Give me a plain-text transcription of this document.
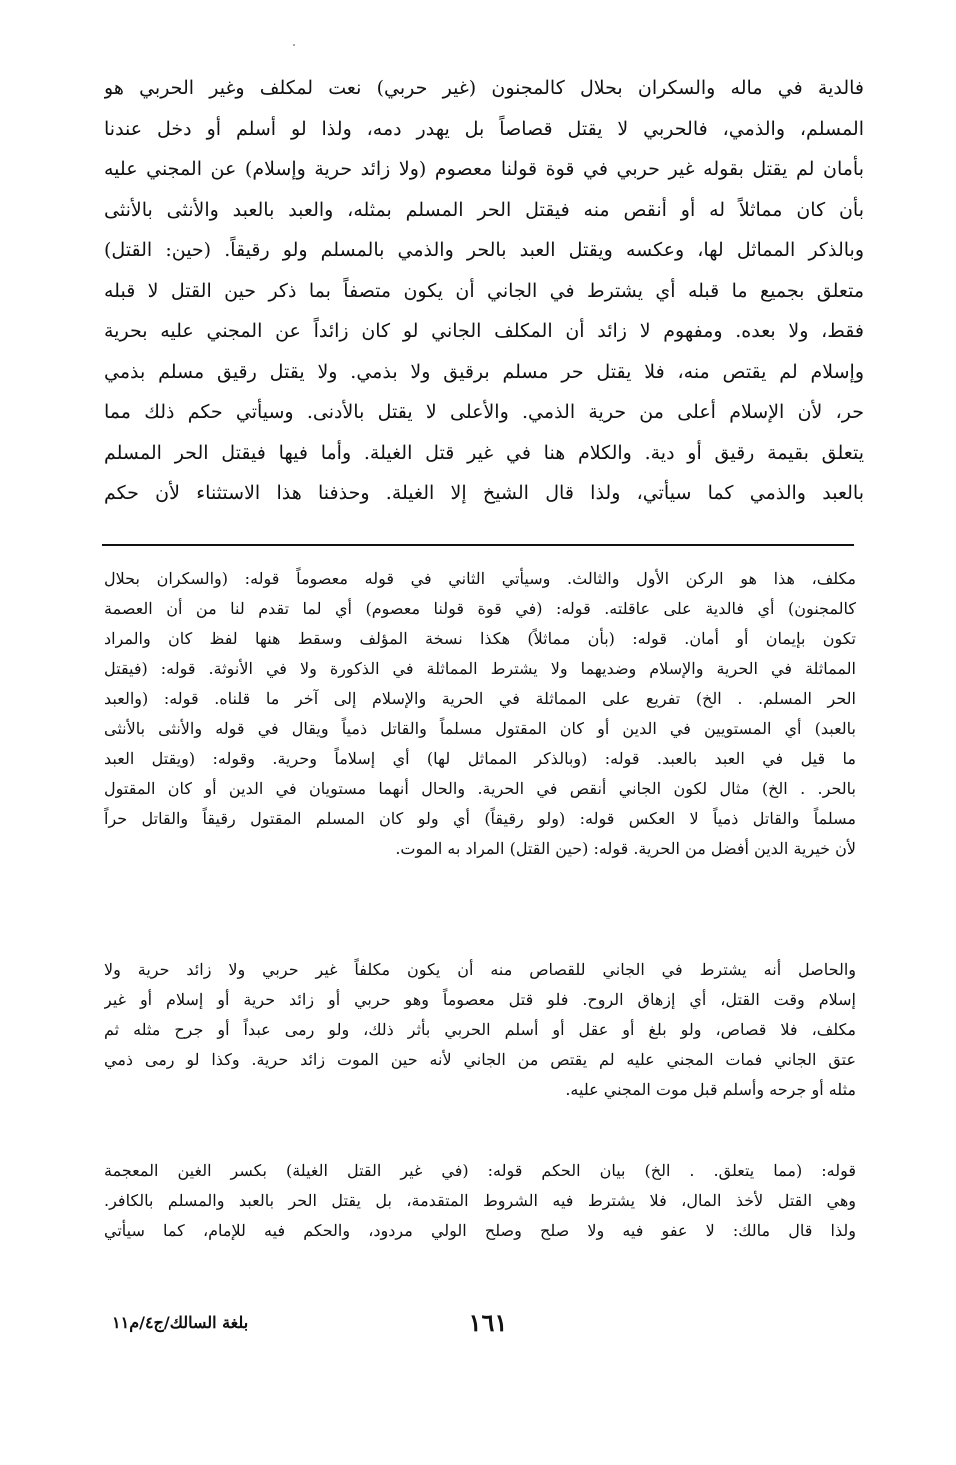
فالدية في ماله والسكران بحلال كالمجنون (غير حربي) نعت لمكلف وغير الحربي هو
المسلم، والذمي، فالحربي لا يقتل قصاصاً بل يهدر دمه، ولذا لو أسلم أو دخل عندنا
بأمان لم يقتل بقوله غير حربي في قوة قولنا معصوم (ولا زائد حرية وإسلام) عن المجني عليه
بأن كان مماثلاً له أو أنقص منه فيقتل الحر المسلم بمثله، والعبد بالعبد والأنثى بالأنثى
وبالذكر المماثل لها، وعكسه ويقتل العبد بالحر والذمي بالمسلم ولو رقيقاً. (حين: القتل)
متعلق بجميع ما قبله أي يشترط في الجاني أن يكون متصفاً بما ذكر حين القتل لا قبله
فقط، ولا بعده. ومفهوم لا زائد أن المكلف الجاني لو كان زائداً عن المجني عليه بحرية
وإسلام لم يقتص منه، فلا يقتل حر مسلم برقيق ولا بذمي. ولا يقتل رقيق مسلم بذمي
حر، لأن الإسلام أعلى من حرية الذمي. والأعلى لا يقتل بالأدنى. وسيأتي حكم ذلك مما
يتعلق بقيمة رقيق أو دية. والكلام هنا في غير قتل الغيلة. وأما فيها فيقتل الحر المسلم
بالعبد والذمي كما سيأتي، ولذا قال الشيخ إلا الغيلة. وحذفنا هذا الاستثناء لأن حكم
مكلف، هذا هو الركن الأول والثالث. وسيأتي الثاني في قوله معصوماً قوله: (والسكران بحلال
كالمجنون) أي فالدية على عاقلته. قوله: (في قوة قولنا معصوم) أي لما تقدم لنا من أن العصمة
تكون بإيمان أو أمان. قوله: (بأن مماثلاً) هكذا نسخة المؤلف وسقط هنها لفظ كان والمراد
المماثلة في الحرية والإسلام وضديهما ولا يشترط المماثلة في الذكورة ولا في الأنوثة. قوله: (فيقتل
الحر المسلم. . الخ) تفريع على المماثلة في الحرية والإسلام إلى آخر ما قلناه. قوله: (والعبد
بالعبد) أي المستويين في الدين أو كان المقتول مسلماً والقاتل ذمياً ويقال في قوله والأنثى بالأنثى
ما قيل في العبد بالعبد. قوله: (وبالذكر المماثل لها) أي إسلاماً وحرية. وقوله: (ويقتل العبد
بالحر. . الخ) مثال لكون الجاني أنقص في الحرية. والحال أنهما مستويان في الدين أو كان المقتول
مسلماً والقاتل ذمياً لا العكس قوله: (ولو رقيقاً) أي ولو كان المسلم المقتول رقيقاً والقاتل حراً
لأن خيرية الدين أفضل من الحرية. قوله: (حين القتل) المراد به الموت.
والحاصل أنه يشترط في الجاني للقصاص منه أن يكون مكلفاً غير حربي ولا زائد حرية ولا
إسلام وقت القتل، أي إزهاق الروح. فلو قتل معصوماً وهو حربي أو زائد حرية أو إسلام أو غير
مكلف، فلا قصاص، ولو بلغ أو عقل أو أسلم الحربي بأثر ذلك، ولو رمى عبداً أو جرح مثله ثم
عتق الجاني فمات المجني عليه لم يقتص من الجاني لأنه حين الموت زائد حرية. وكذا لو رمى ذمي
مثله أو جرحه وأسلم قبل موت المجني عليه.
قوله: (مما يتعلق. . الخ) بيان الحكم قوله: (في غير القتل الغيلة) بكسر الغين المعجمة
وهي القتل لأخذ المال، فلا يشترط فيه الشروط المتقدمة، بل يقتل الحر بالعبد والمسلم بالكافر.
ولذا قال مالك: لا عفو فيه ولا صلح وصلح الولي مردود، والحكم فيه للإمام، كما سيأتي
١٦١
بلغة السالك/ج٤/م١١
